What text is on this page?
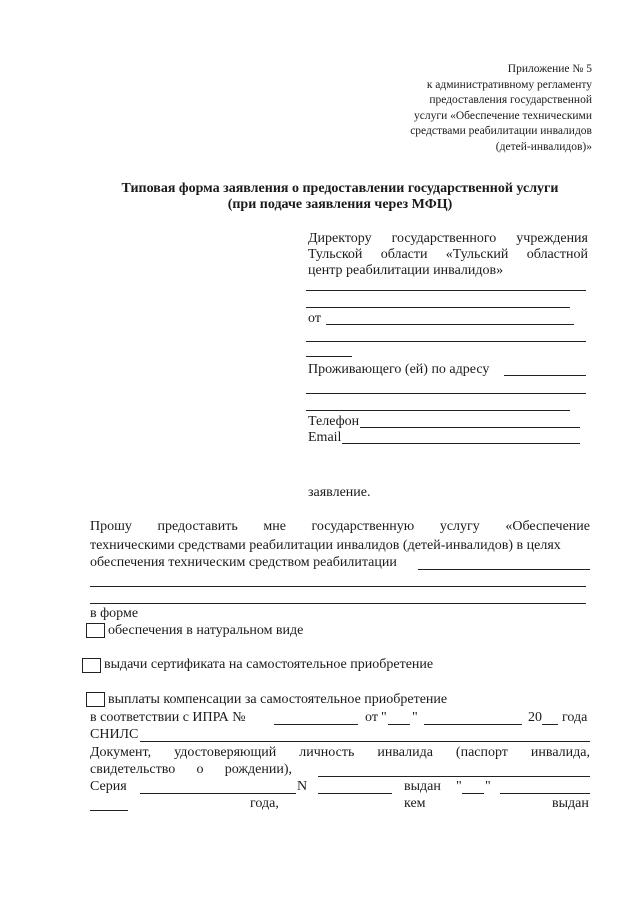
Приложение № 5
к административному регламенту
предоставления государственной
услуги «Обеспечение техническими
средствами реабилитации инвалидов
(детей-инвалидов)»
Типовая форма заявления о предоставлении государственной услуги
(при подаче заявления через МФЦ)
Директору государственного учреждения
Тульской области «Тульский областной
центр реабилитации инвалидов»
от
Проживающего (ей) по адресу
Телефон
Email
заявление.
Прошу предоставить мне государственную услугу «Обеспечение
техническими средствами реабилитации инвалидов (детей-инвалидов) в целях
обеспечения техническим средством реабилитации
в форме
обеспечения в натуральном виде
выдачи сертификата на самостоятельное приобретение
выплаты компенсации за самостоятельное приобретение
в соответствии с ИПРА №	от " "	20 года
СНИЛС
Документ, удостоверяющий личность инвалида (паспорт инвалида,
свидетельство о рождении),
Серия	N	выдан " "
года,	кем	выдан
